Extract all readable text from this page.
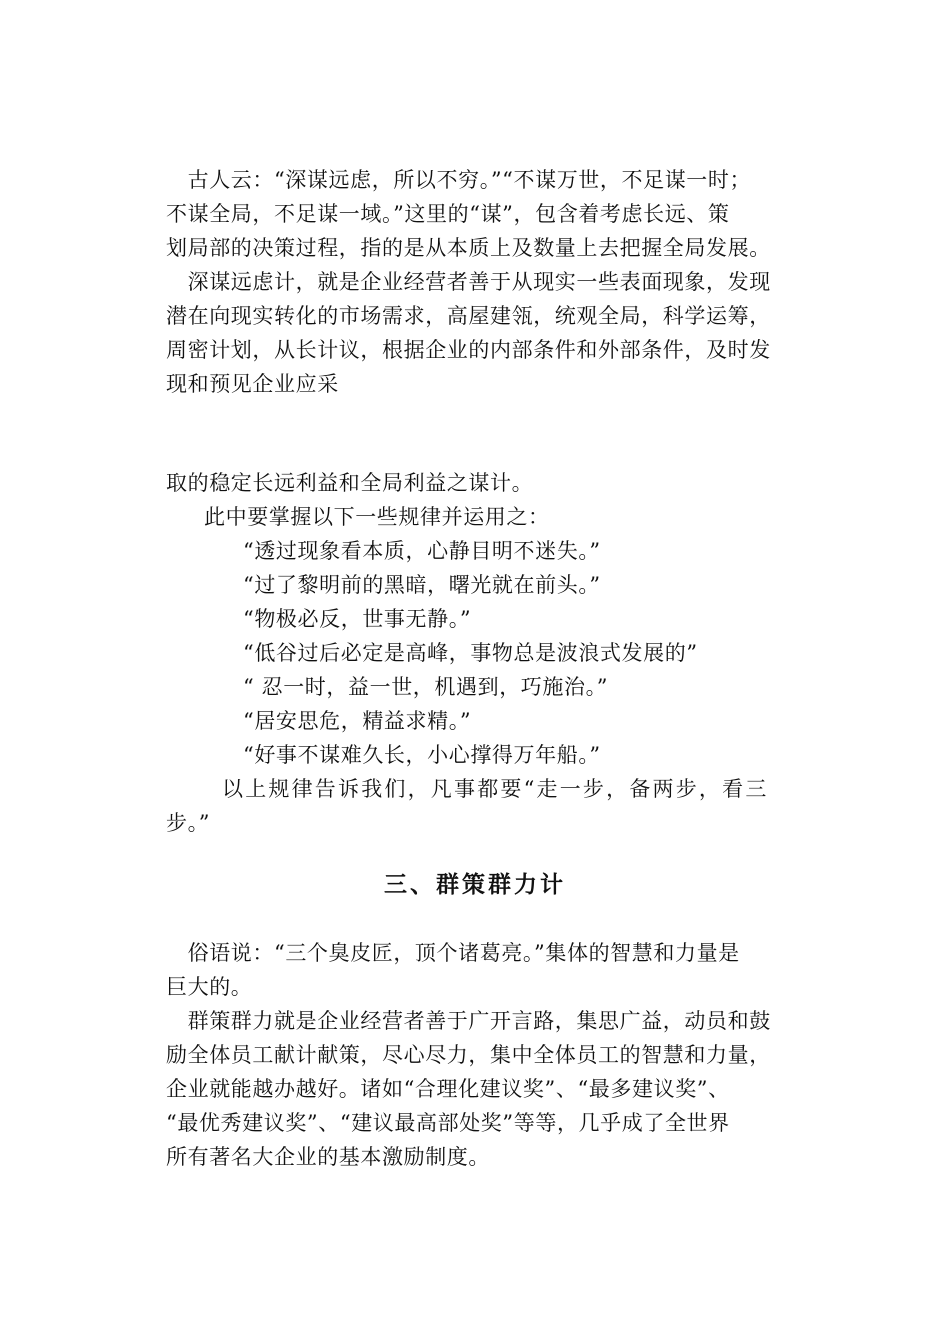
　古人云：“深谋远虑，所以不穷。”“不谋万世，不足谋一时；
不谋全局，不足谋一域。”这里的“谋”，包含着考虑长远、策
划局部的决策过程，指的是从本质上及数量上去把握全局发展。
　深谋远虑计，就是企业经营者善于从现实一些表面现象，发现
潜在向现实转化的市场需求，高屋建瓴，统观全局，科学运筹，
周密计划，从长计议，根据企业的内部条件和外部条件，及时发
现和预见企业应采
取的稳定长远利益和全局利益之谋计。
此中要掌握以下一些规律并运用之：
“透过现象看本质，心静目明不迷失。”
“过了黎明前的黑暗，曙光就在前头。”
“物极必反，世事无静。”
“低谷过后必定是高峰，事物总是波浪式发展的”
“ 忍一时，益一世，机遇到，巧施治。”
“居安思危，精益求精。”
“好事不谋难久长，小心撑得万年船。”
以上规律告诉我们，凡事都要“走一步，备两步，看三
步。”
三、群策群力计
　俗语说：“三个臭皮匠，顶个诸葛亮。”集体的智慧和力量是
巨大的。
　群策群力就是企业经营者善于广开言路，集思广益，动员和鼓
励全体员工献计献策，尽心尽力，集中全体员工的智慧和力量，
企业就能越办越好。诸如“合理化建议奖”、“最多建议奖”、
“最优秀建议奖”、“建议最高部处奖”等等，几乎成了全世界
所有著名大企业的基本激励制度。
